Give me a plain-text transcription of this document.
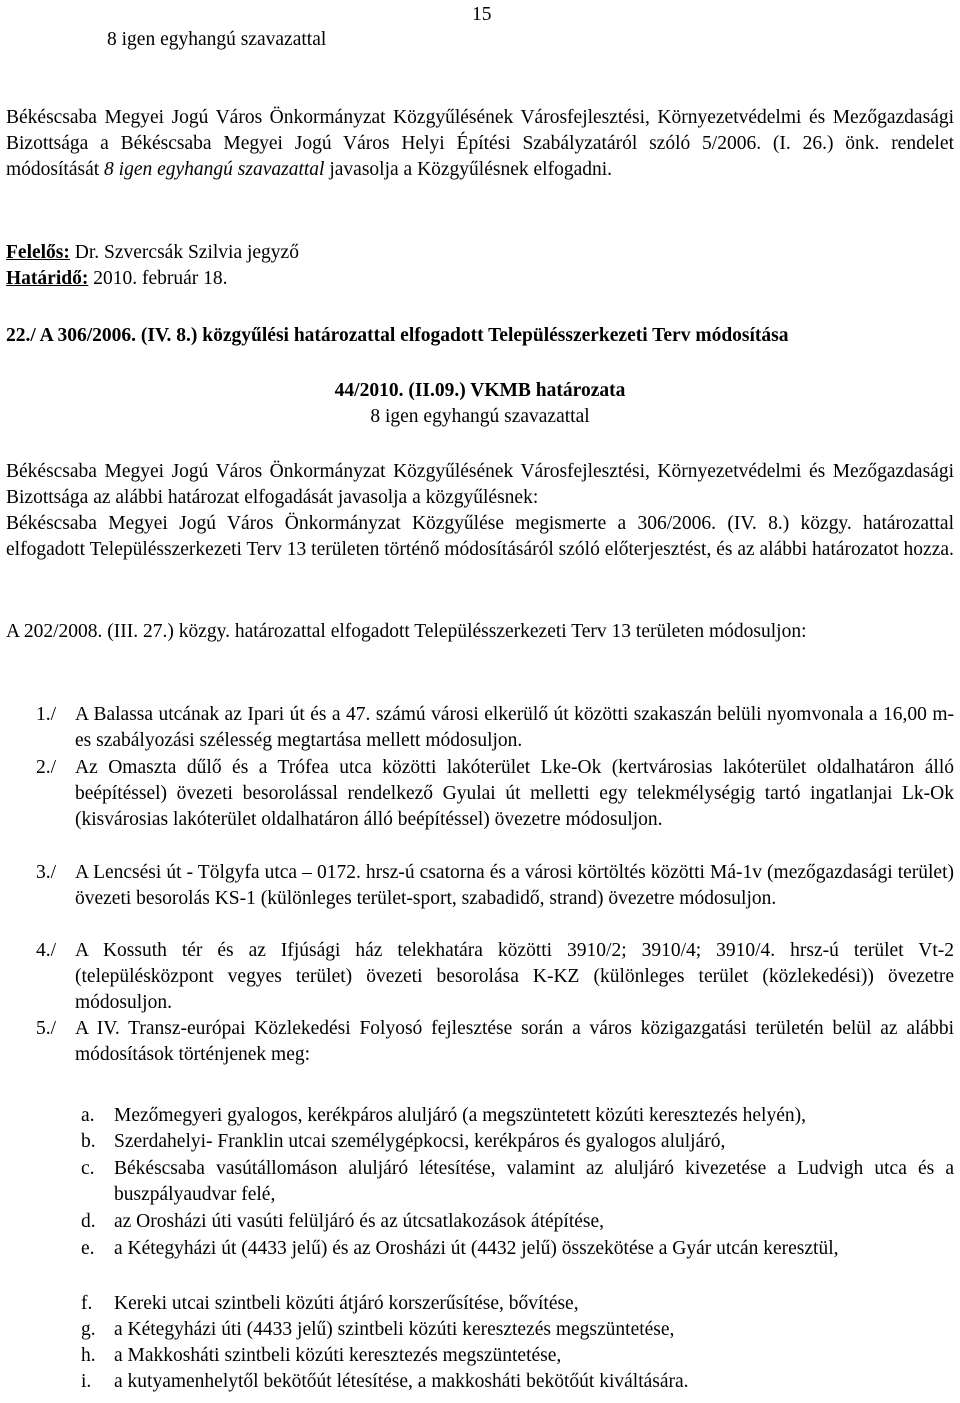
15
8 igen egyhangú szavazattal
Békéscsaba Megyei Jogú Város Önkormányzat Közgyűlésének Városfejlesztési, Környezetvédelmi és Mezőgazdasági Bizottsága a Békéscsaba Megyei Jogú Város Helyi Építési Szabályzatáról szóló 5/2006. (I. 26.) önk. rendelet módosítását 8 igen egyhangú szavazattal javasolja a Közgyűlésnek elfogadni.
Felelős: Dr. Szvercsák Szilvia jegyző
Határidő: 2010. február 18.
22./ A 306/2006. (IV. 8.) közgyűlési határozattal elfogadott Településszerkezeti Terv módosítása
44/2010. (II.09.) VKMB határozata
8 igen egyhangú szavazattal
Békéscsaba Megyei Jogú Város Önkormányzat Közgyűlésének Városfejlesztési, Környezetvédelmi és Mezőgazdasági Bizottsága az alábbi határozat elfogadását javasolja a közgyűlésnek:
Békéscsaba Megyei Jogú Város Önkormányzat Közgyűlése megismerte a 306/2006. (IV. 8.) közgy. határozattal elfogadott Településszerkezeti Terv 13 területen történő módosításáról szóló előterjesztést, és az alábbi határozatot hozza.
A 202/2008. (III. 27.) közgy. határozattal elfogadott Településszerkezeti Terv 13 területen módosuljon:
1./ A Balassa utcának az Ipari út és a 47. számú városi elkerülő út közötti szakaszán belüli nyomvonala a 16,00 m-es szabályozási szélesség megtartása mellett módosuljon.
2./ Az Omaszta dűlő és a Trófea utca közötti lakóterület Lke-Ok (kertvárosias lakóterület oldalhatáron álló beépítéssel) övezeti besorolással rendelkező Gyulai út melletti egy telekmélységig tartó ingatlanjai Lk-Ok (kisvárosias lakóterület oldalhatáron álló beépítéssel) övezetre módosuljon.
3./ A Lencsési út - Tölgyfa utca – 0172. hrsz-ú csatorna és a városi körtöltés közötti Má-1v (mezőgazdasági terület) övezeti besorolás KS-1 (különleges terület-sport, szabadidő, strand) övezetre módosuljon.
4./ A Kossuth tér és az Ifjúsági ház telekhatára közötti 3910/2; 3910/4; 3910/4. hrsz-ú terület Vt-2 (településközpont vegyes terület) övezeti besorolása K-KZ (különleges terület (közlekedési)) övezetre módosuljon.
5./ A IV. Transz-európai Közlekedési Folyosó fejlesztése során a város közigazgatási területén belül az alábbi módosítások történjenek meg:
a. Mezőmegyeri gyalogos, kerékpáros aluljáró (a megszüntetett közúti keresztezés helyén),
b. Szerdahelyi- Franklin utcai személygépkocsi, kerékpáros és gyalogos aluljáró,
c. Békéscsaba vasútállomáson aluljáró létesítése, valamint az aluljáró kivezetése a Ludvigh utca és a buszpályaudvar felé,
d. az Orosházi úti vasúti felüljáró és az útcsatlakozások átépítése,
e. a Kétegyházi út (4433 jelű) és az Orosházi út (4432 jelű) összekötése a Gyár utcán keresztül,
f. Kereki utcai szintbeli közúti átjáró korszerűsítése, bővítése,
g. a Kétegyházi úti (4433 jelű) szintbeli közúti keresztezés megszüntetése,
h. a Makkosháti szintbeli közúti keresztezés megszüntetése,
i. a kutyamenhelytől bekötőút létesítése, a makkosháti bekötőút kiváltására.
